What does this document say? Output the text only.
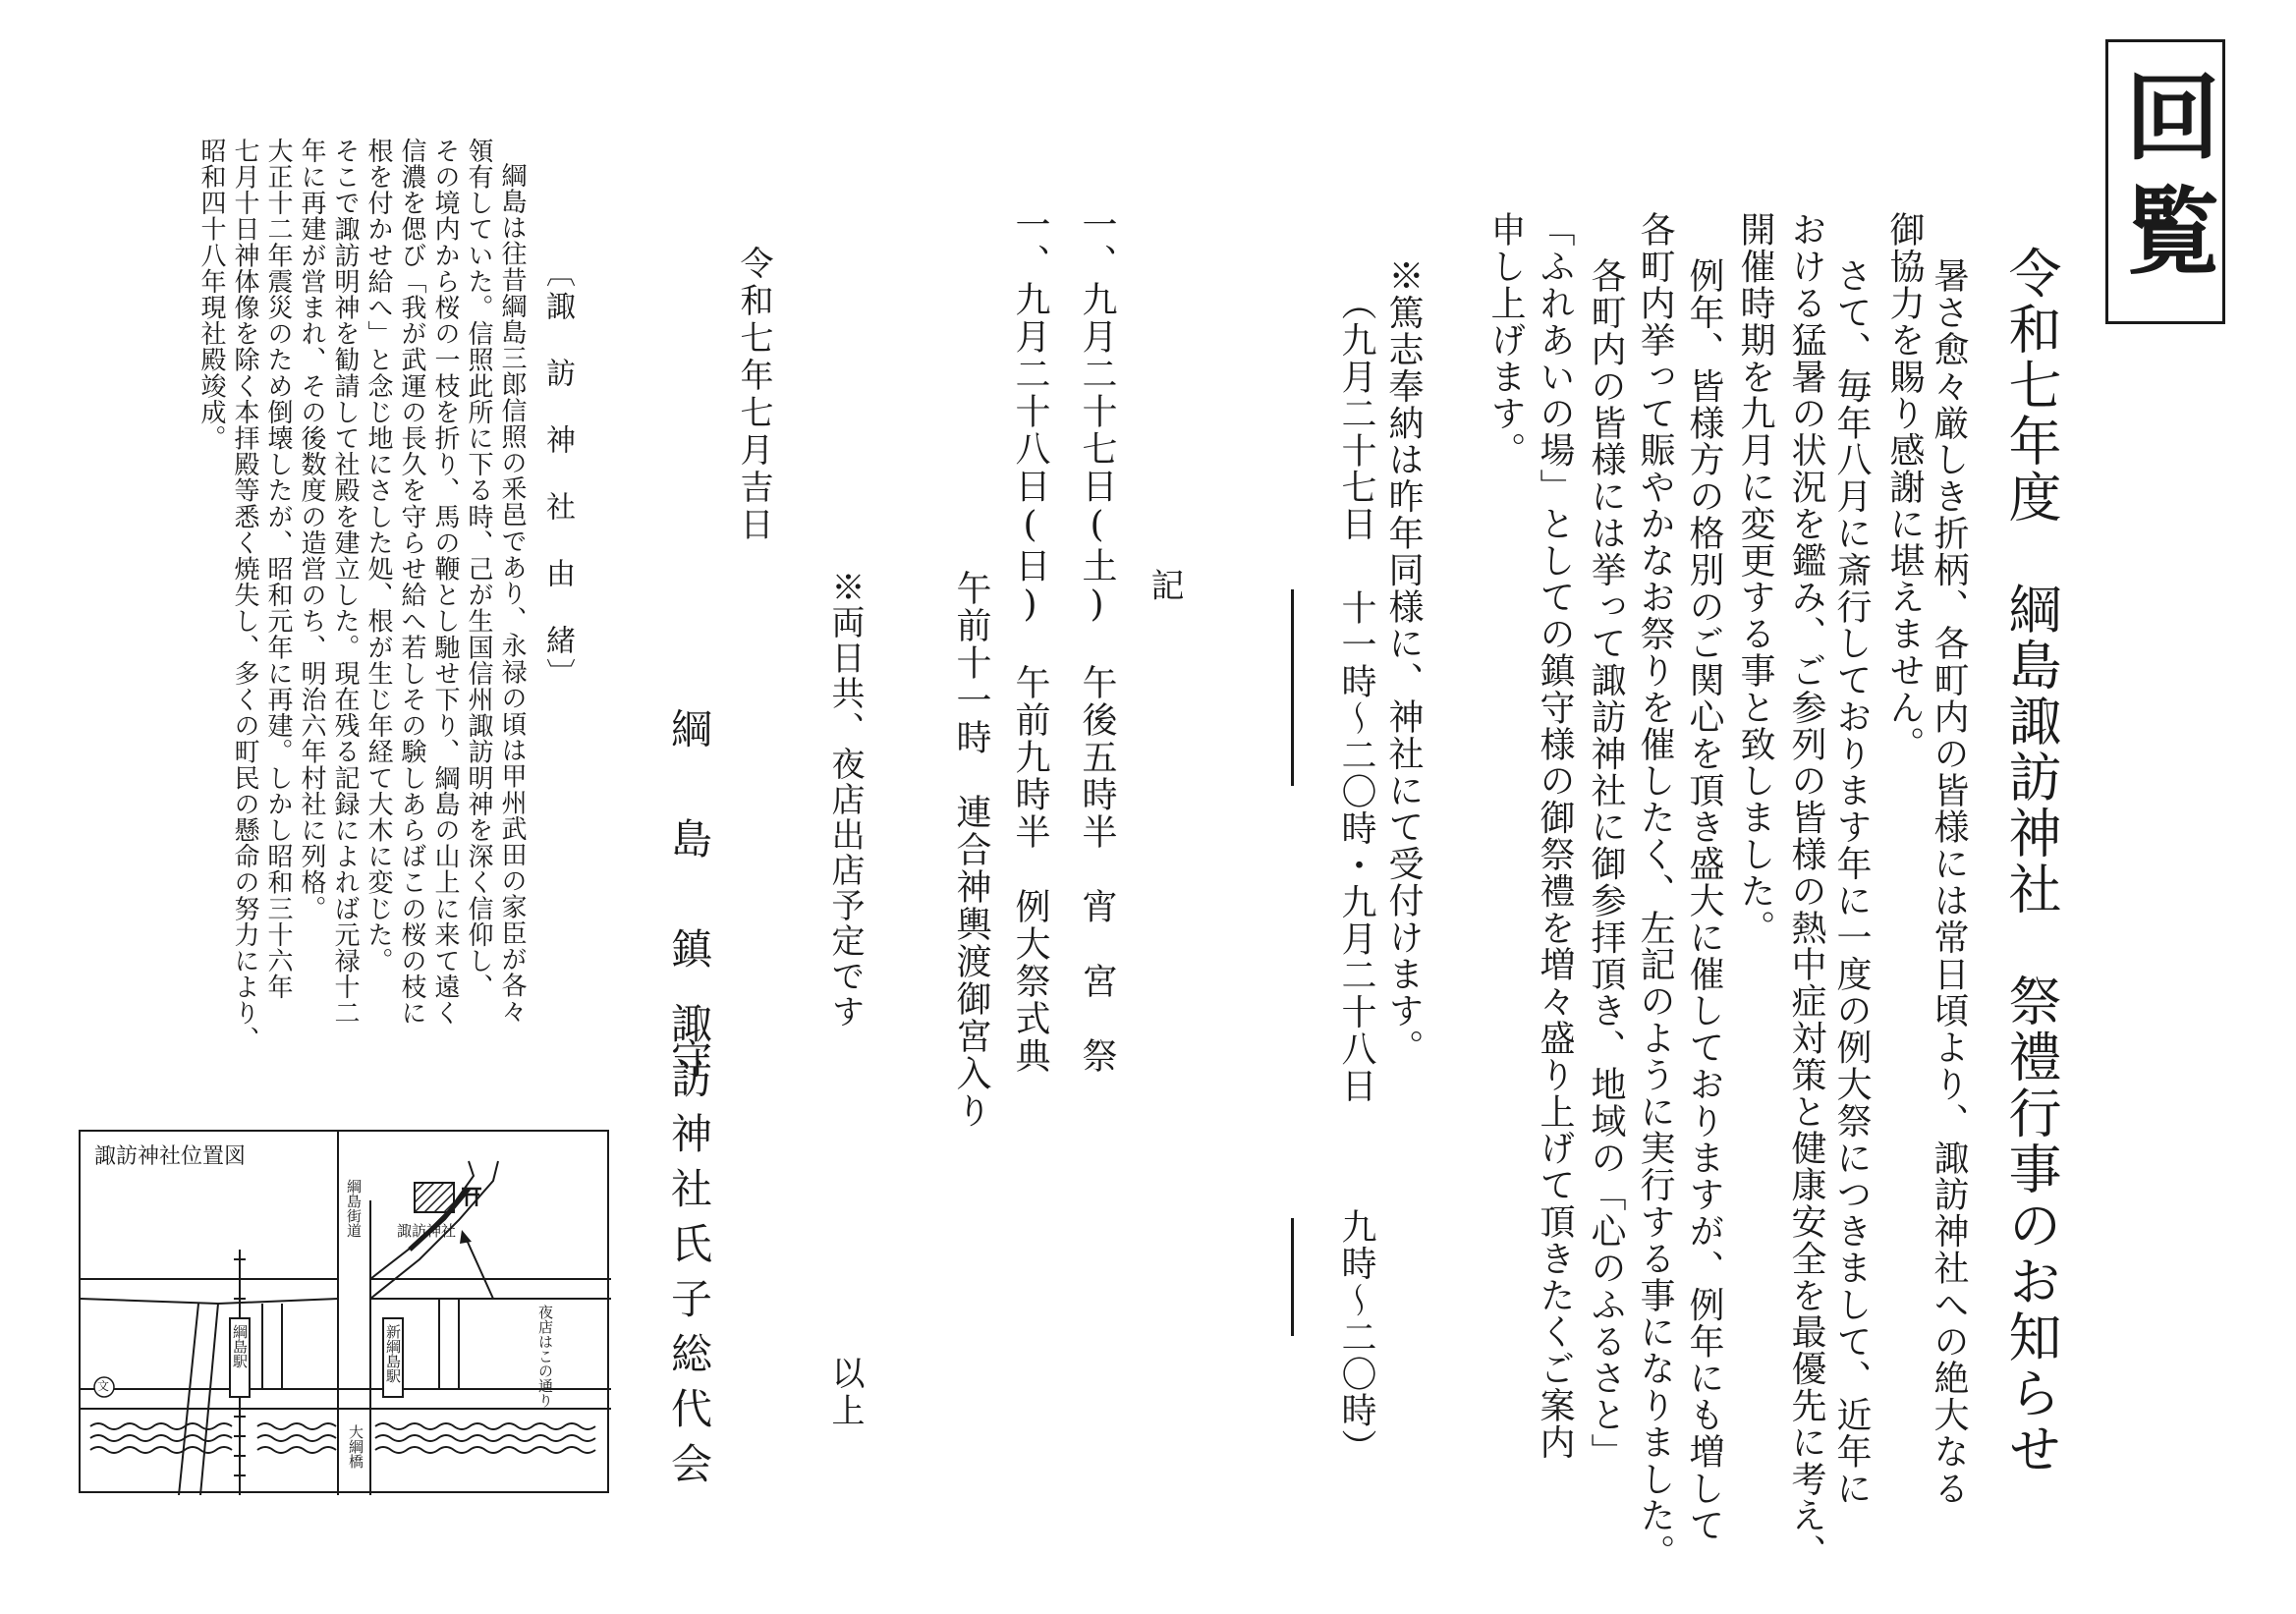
回覧
令和七年度　綱島諏訪神社　祭禮行事のお知らせ
暑さ愈々厳しき折柄、各町内の皆様には常日頃より、諏訪神社への絶大なる
御協力を賜り感謝に堪えません。
さて、毎年八月に斎行しております年に一度の例大祭につきまして、近年に
おける猛暑の状況を鑑み、ご参列の皆様の熱中症対策と健康安全を最優先に考え、
開催時期を九月に変更する事と致しました。
例年、皆様方の格別のご関心を頂き盛大に催しておりますが、例年にも増して
各町内挙って賑やかなお祭りを催したく、左記のように実行する事になりました。
各町内の皆様には挙って諏訪神社に御参拝頂き、地域の「心のふるさと」
「ふれあいの場」としての鎮守様の御祭禮を増々盛り上げて頂きたくご案内
申し上げます。
※篤志奉納は昨年同様に、神社にて受付けます。
（九月二十七日
十一時〜二〇時・九月二十八日
九時〜二〇時）
記
一、九月二十七日(土)　午後五時半　宵　宮　祭
一、九月二十八日(日)　午前九時半　例大祭式典
午前十一時　連合神輿渡御宮入り
※両日共、夜店出店予定です
以上
令和七年七月吉日
綱　島　鎮　守
諏訪神社氏子総代会
〔諏　訪　神　社　由　緒〕
綱島は往昔綱島三郎信照の釆邑であり、永禄の頃は甲州武田の家臣が各々
領有していた。信照此所に下る時、己が生国信州諏訪明神を深く信仰し、
その境内から桜の一枝を折り、馬の鞭とし馳せ下り、綱島の山上に来て遠く
信濃を偲び「我が武運の長久を守らせ給へ若しその験しあらばこの桜の枝に
根を付かせ給へ」と念じ地にさした処、根が生じ年経て大木に変じた。
そこで諏訪明神を勧請して社殿を建立した。現在残る記録によれば元禄十二
年に再建が営まれ、その後数度の造営のち、明治六年村社に列格。
大正十二年震災のため倒壊したが、昭和元年に再建。しかし昭和三十六年
七月十日神体像を除く本拝殿等悉く焼失し、多くの町民の懸命の努力により、
昭和四十八年現社殿竣成。
諏訪神社位置図
諏訪神社
綱島街道
綱島駅	新綱島駅
大綱橋
夜店はこの通り
文
